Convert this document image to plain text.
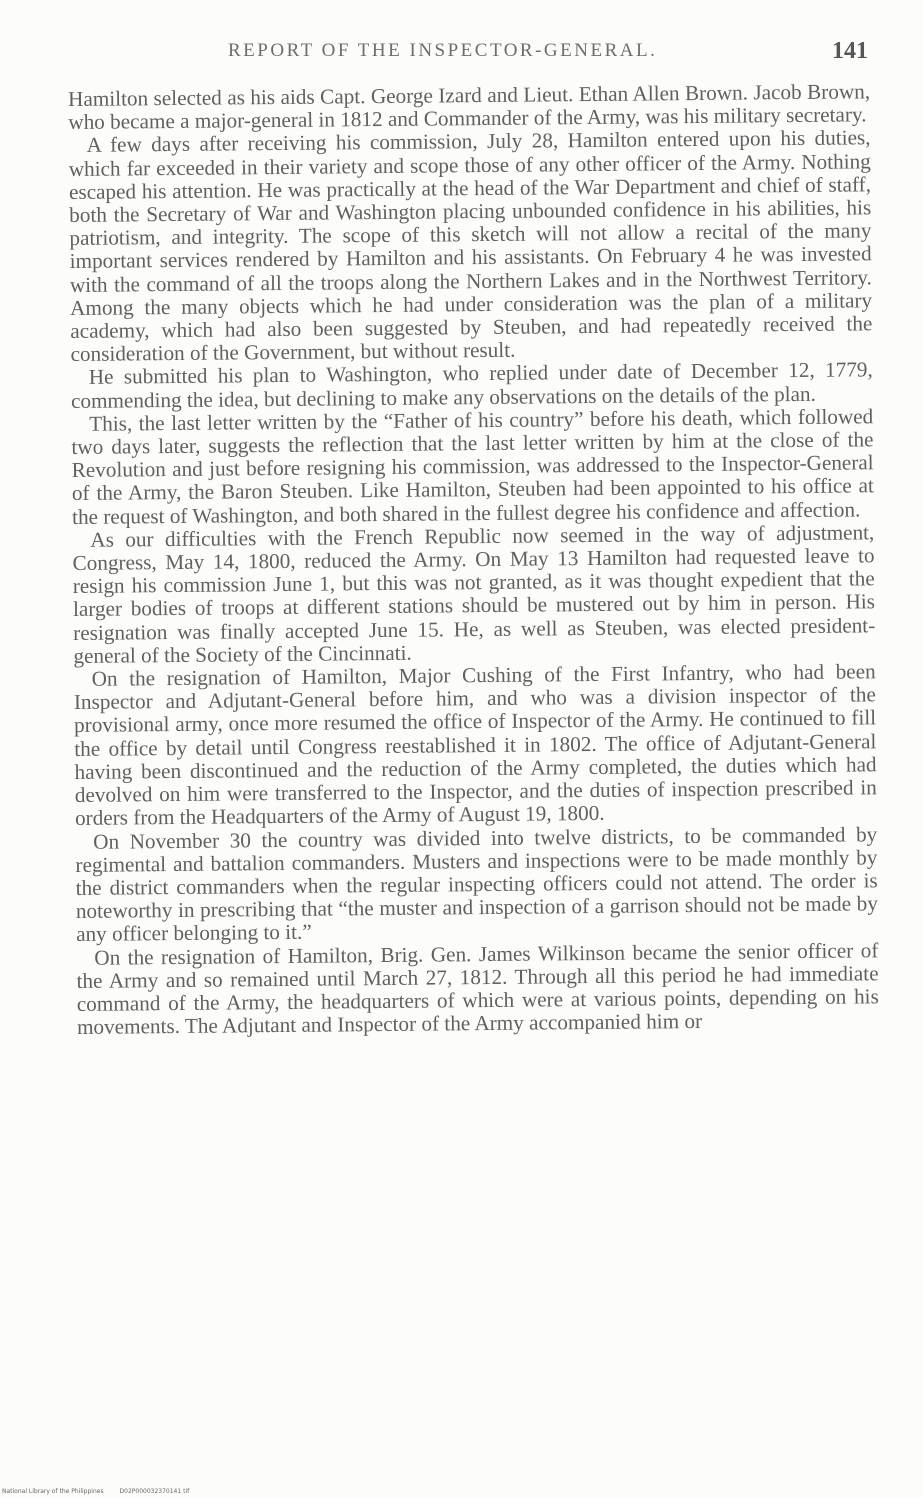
REPORT OF THE INSPECTOR-GENERAL.	141

Hamilton selected as his aids Capt. George Izard and Lieut. Ethan Allen Brown. Jacob Brown, who became a major-general in 1812 and Commander of the Army, was his military secretary.

A few days after receiving his commission, July 28, Hamilton entered upon his duties, which far exceeded in their variety and scope those of any other officer of the Army. Nothing escaped his attention. He was practically at the head of the War Department and chief of staff, both the Secretary of War and Washington placing unbounded confidence in his abilities, his patriotism, and integrity. The scope of this sketch will not allow a recital of the many important services rendered by Hamilton and his assistants. On February 4 he was invested with the command of all the troops along the Northern Lakes and in the Northwest Territory. Among the many objects which he had under consideration was the plan of a military academy, which had also been suggested by Steuben, and had repeatedly received the consideration of the Government, but without result.

He submitted his plan to Washington, who replied under date of December 12, 1779, commending the idea, but declining to make any observations on the details of the plan.

This, the last letter written by the “Father of his country” before his death, which followed two days later, suggests the reflection that the last letter written by him at the close of the Revolution and just before resigning his commission, was addressed to the Inspector-General of the Army, the Baron Steuben. Like Hamilton, Steuben had been appointed to his office at the request of Washington, and both shared in the fullest degree his confidence and affection.

As our difficulties with the French Republic now seemed in the way of adjustment, Congress, May 14, 1800, reduced the Army. On May 13 Hamilton had requested leave to resign his commission June 1, but this was not granted, as it was thought expedient that the larger bodies of troops at different stations should be mustered out by him in person. His resignation was finally accepted June 15. He, as well as Steuben, was elected president-general of the Society of the Cincinnati.

On the resignation of Hamilton, Major Cushing of the First Infantry, who had been Inspector and Adjutant-General before him, and who was a division inspector of the provisional army, once more resumed the office of Inspector of the Army. He continued to fill the office by detail until Congress reestablished it in 1802. The office of Adjutant-General having been discontinued and the reduction of the Army completed, the duties which had devolved on him were transferred to the Inspector, and the duties of inspection prescribed in orders from the Headquarters of the Army of August 19, 1800.

On November 30 the country was divided into twelve districts, to be commanded by regimental and battalion commanders. Musters and inspections were to be made monthly by the district commanders when the regular inspecting officers could not attend. The order is noteworthy in prescribing that “the muster and inspection of a garrison should not be made by any officer belonging to it.”

On the resignation of Hamilton, Brig. Gen. James Wilkinson became the senior officer of the Army and so remained until March 27, 1812. Through all this period he had immediate command of the Army, the headquarters of which were at various points, depending on his movements. The Adjutant and Inspector of the Army accompanied him or

National Library of the Philippines	D02P000032370141 tif
